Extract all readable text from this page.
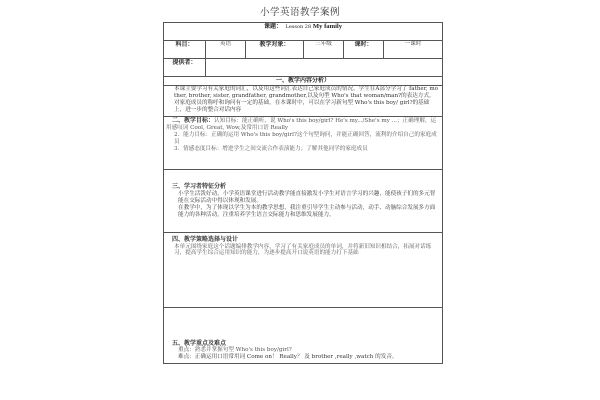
小学英语教学案例
课题： Lesson 28 My family					
科目：	英语	教学对象：	三年级	课时：	一课时
提供者：					
一、教学内容分析）					

本课主要学习有关家庭的词汇，以及用这些词汇表达自己家庭成员的情况。学生在A部分学习了 father, mother, brother, sister, grandfather, grandmother,以及句型 Who's that woman/man?的表达方式。对家庭成员的称呼和询问有一定的基础，在本课时中，可以在学习新句型 Who's this boy/ girl?的基础上，进一步的整合对话内容					

二、教学目标：认知目标：能正确听、说 Who's this boy/girl? He's my.../She's my ...；正确理解，运用感叹词 Cool, Great, Wow,及常用口语 Really

2．能力目标：正确的运用 Who's this boy/girl?这个句型询问，并能正确回答，流利的介绍自己的家庭成员

3．情感态度目标：增进学生之间交流合作表演能力；了解其他同学的家庭成员					

三、学习者特征分析

小学生活泼好动，小学英语课堂进行活动教学能直接激发小学生对语言学习的兴趣，能使孩子们的多元智能在交际活动中得以体现和发展。

在教学中，为了体现以学生为本的教学思想，我注重引导学生主动参与活动，动手、动脑综合发展多方面能力的各种活动，注重培养学生语言交际能力和思维发展能力。					

四、教学策略选择与设计

本单元围绕家庭这个话题编排教学内容，学习了有关家庭成员的单词，并将新旧知识相结合，拓展对话练习，提高学生综合运用知识的能力，为逐步提高开口说英语的能力打下基础					

五、教学重点及难点

重点：熟悉并掌握句型 Who's this boy/girl?

难点：正确运用口语常用词 Come on！ Really？ 及 brother ,really ,watch 的发音。					
